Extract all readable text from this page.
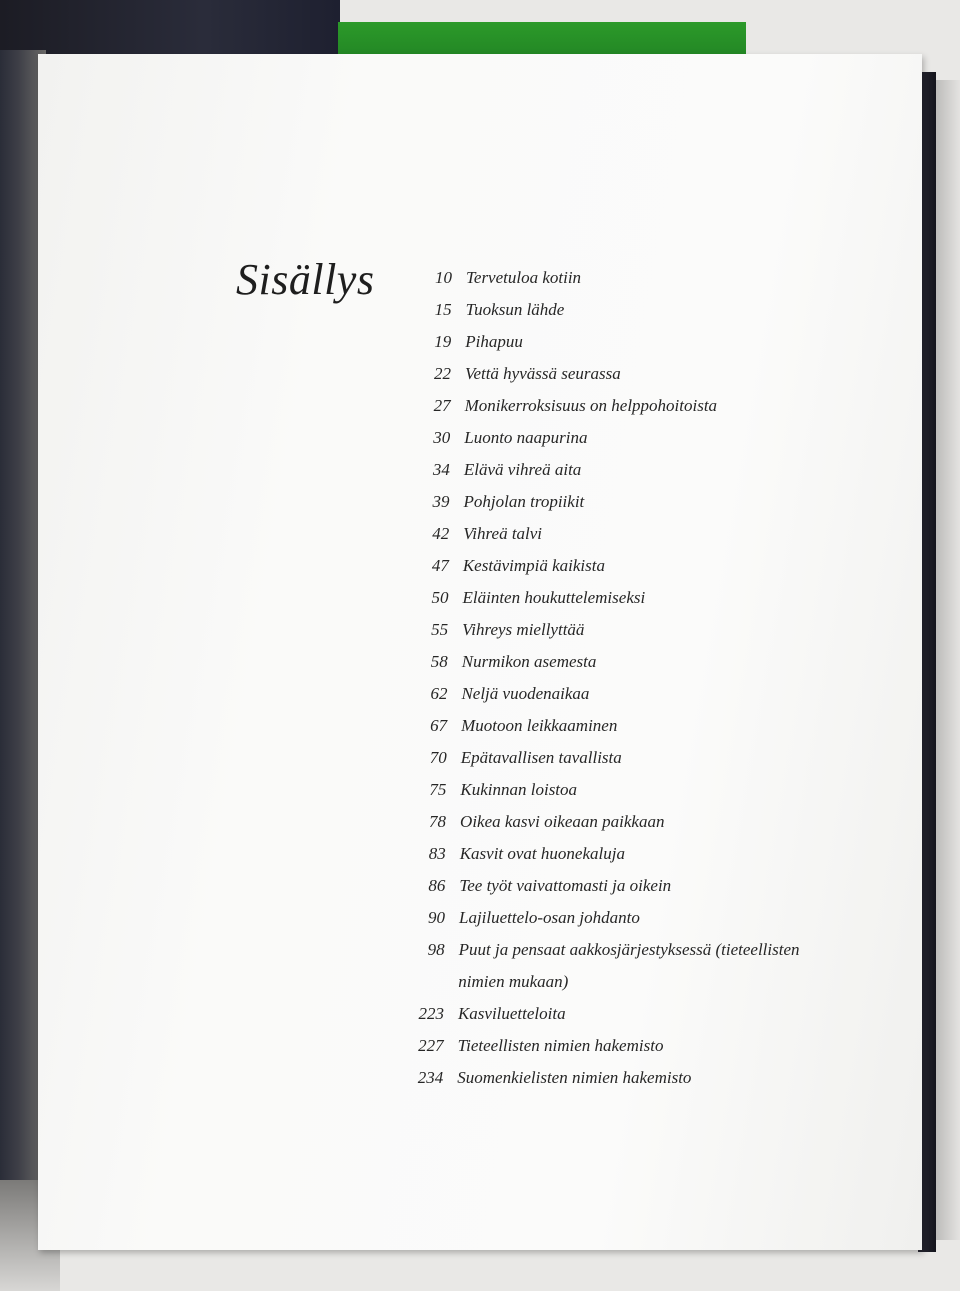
Sisällys	10 Tervetuloa kotiin
15 Tuoksun lähde
19 Pihapuu
22 Vettä hyvässä seurassa
27 Monikerroksisuus on helppohoitoista
30 Luonto naapurina
34 Elävä vihreä aita
39 Pohjolan tropiikit
42 Vihreä talvi
47 Kestävimpiä kaikista
50 Eläinten houkuttelemiseksi
55 Vihreys miellyttää
58 Nurmikon asemesta
62 Neljä vuodenaikaa
67 Muotoon leikkaaminen
70 Epätavallisen tavallista
75 Kukinnan loistoa
78 Oikea kasvi oikeaan paikkaan
83 Kasvit ovat huonekaluja
86 Tee työt vaivattomasti ja oikein
90 Lajiluettelo-osan johdanto
98 Puut ja pensaat aakkosjärjestyksessä (tieteellisten
nimien mukaan)
223 Kasviluetteloita
227 Tieteellisten nimien hakemisto
234 Suomenkielisten nimien hakemisto
